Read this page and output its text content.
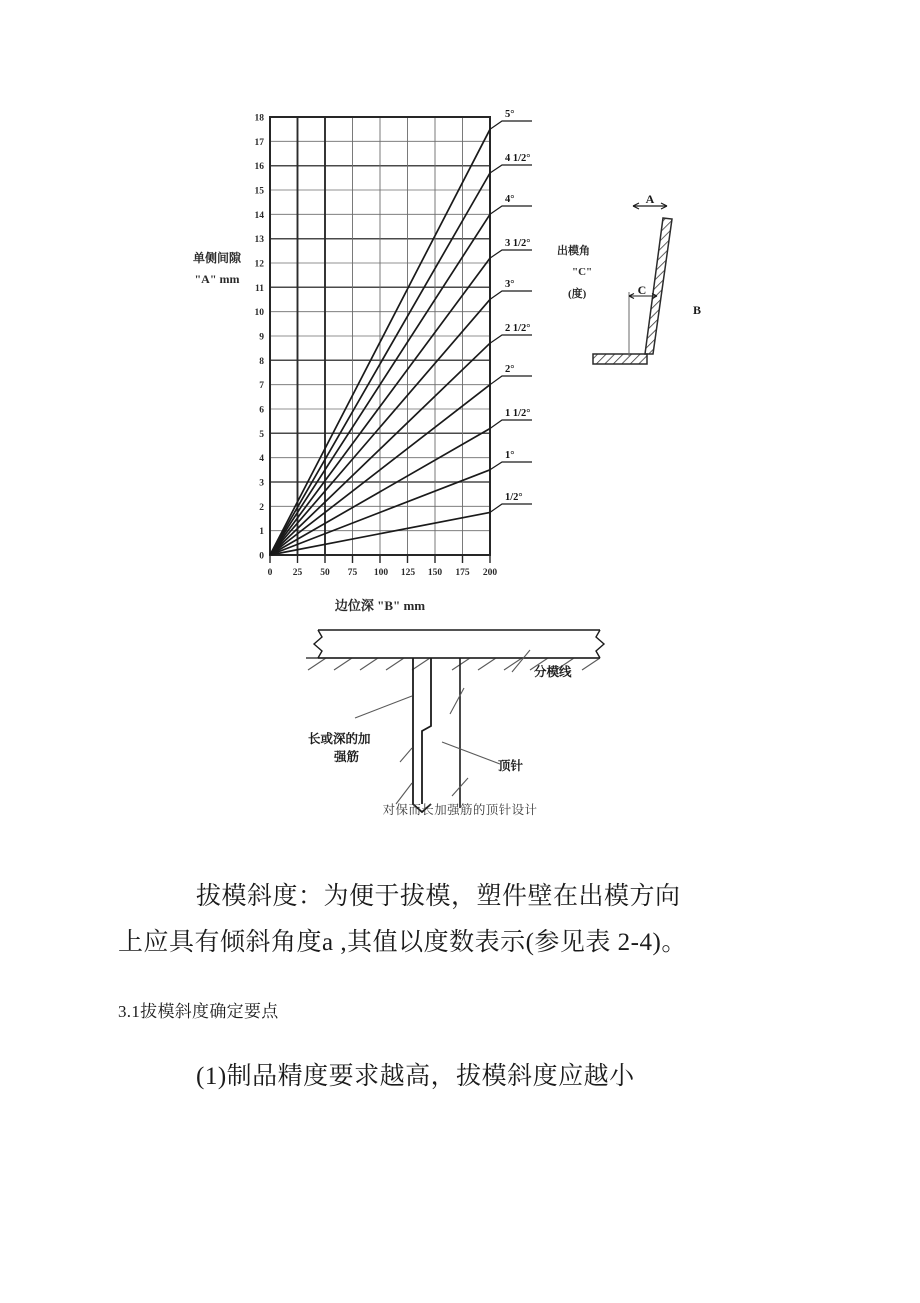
5°
4 1/2°
4°
3 1/2°
3°
2 1/2°
2°
1 1/2°
1°
1/2°
出模角
"C"
(度)
0
1
2
3
4
5
6
7
8
9
10
11
12
13
14
15
16
17
18
0 25 50 75 100 125 150 175 200
边位深 "B" mm
单侧间隙
"A" mm
A
C
B
分模线
长或深的加
强筋
顶针
对保而长加强筋的顶针设计

拔模斜度：为便于拔模，塑件壁在出模方向

上应具有倾斜角度a ,其值以度数表示(参见表 2-4)。

3.1拔模斜度确定要点

(1)制品精度要求越高，拔模斜度应越小
